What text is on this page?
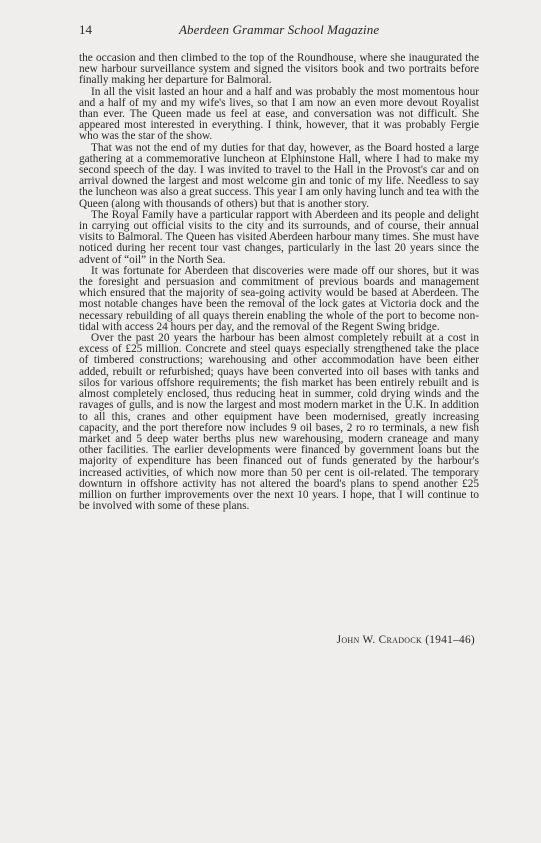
14	Aberdeen Grammar School Magazine

the occasion and then climbed to the top of the Roundhouse, where she inaugurated the new harbour surveillance system and signed the visitors book and two portraits before finally making her departure for Balmoral.

In all the visit lasted an hour and a half and was probably the most momentous hour and a half of my and my wife's lives, so that I am now an even more devout Royalist than ever. The Queen made us feel at ease, and conversation was not difficult. She appeared most interested in everything. I think, however, that it was probably Fergie who was the star of the show.

That was not the end of my duties for that day, however, as the Board hosted a large gathering at a commemorative luncheon at Elphinstone Hall, where I had to make my second speech of the day. I was invited to travel to the Hall in the Provost's car and on arrival downed the largest and most welcome gin and tonic of my life. Needless to say the luncheon was also a great success. This year I am only having lunch and tea with the Queen (along with thousands of others) but that is another story.

The Royal Family have a particular rapport with Aberdeen and its people and delight in carrying out official visits to the city and its surrounds, and of course, their annual visits to Balmoral. The Queen has visited Aberdeen harbour many times. She must have noticed during her recent tour vast changes, particularly in the last 20 years since the advent of “oil” in the North Sea.

It was fortunate for Aberdeen that discoveries were made off our shores, but it was the foresight and persuasion and commitment of previous boards and management which ensured that the majority of sea-going activity would be based at Aberdeen. The most notable changes have been the removal of the lock gates at Victoria dock and the necessary rebuilding of all quays therein enabling the whole of the port to become non-tidal with access 24 hours per day, and the removal of the Regent Swing bridge.

Over the past 20 years the harbour has been almost completely rebuilt at a cost in excess of £25 million. Concrete and steel quays especially strengthened take the place of timbered constructions; warehousing and other accommodation have been either added, rebuilt or refurbished; quays have been converted into oil bases with tanks and silos for various offshore requirements; the fish market has been entirely rebuilt and is almost completely enclosed, thus reducing heat in summer, cold drying winds and the ravages of gulls, and is now the largest and most modern market in the U.K. In addition to all this, cranes and other equipment have been modernised, greatly increasing capacity, and the port therefore now includes 9 oil bases, 2 ro ro terminals, a new fish market and 5 deep water berths plus new warehousing, modern craneage and many other facilities. The earlier developments were financed by government loans but the majority of expenditure has been financed out of funds generated by the harbour's increased activities, of which now more than 50 per cent is oil-related. The temporary downturn in offshore activity has not altered the board's plans to spend another £25 million on further improvements over the next 10 years. I hope, that I will continue to be involved with some of these plans.

John W. Cradock (1941–46)
